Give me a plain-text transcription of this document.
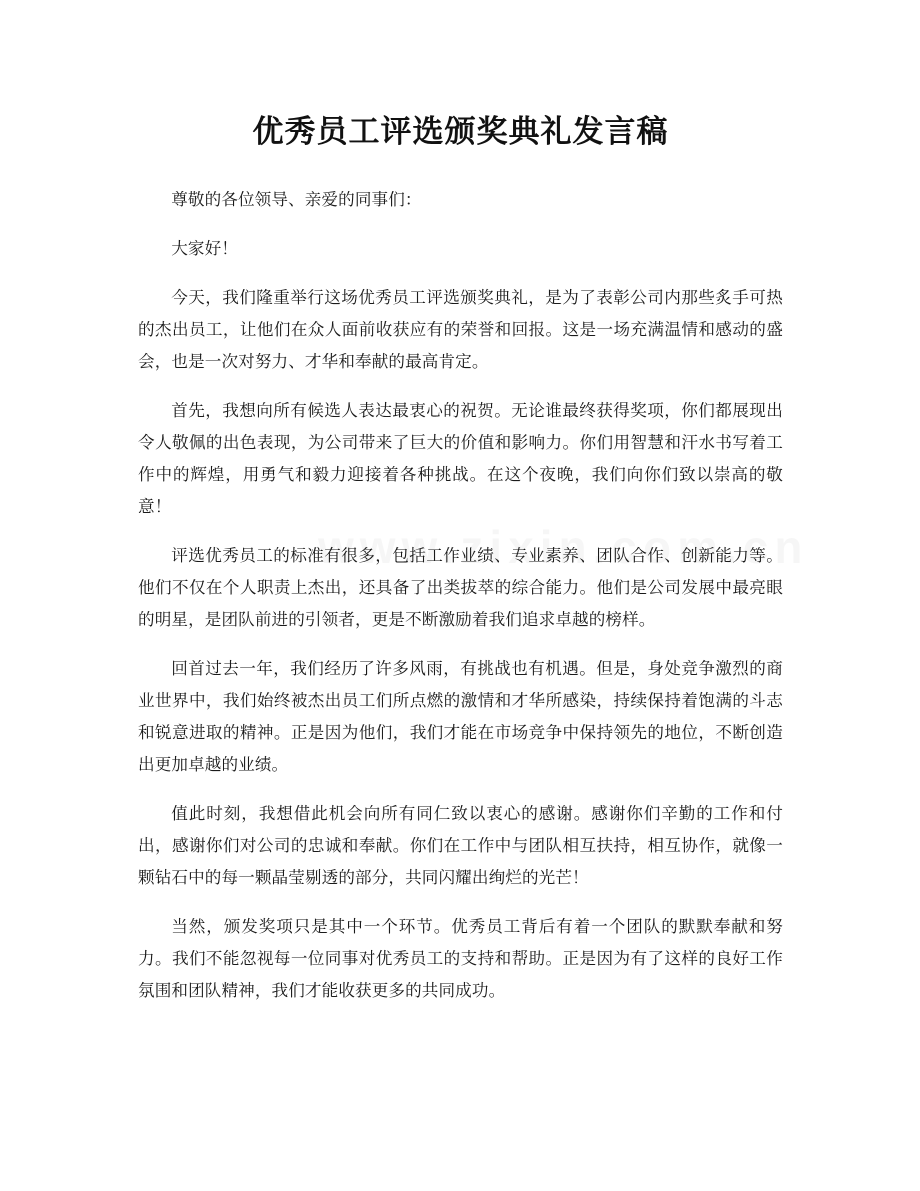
优秀员工评选颁奖典礼发言稿

尊敬的各位领导、亲爱的同事们：

大家好！

今天，我们隆重举行这场优秀员工评选颁奖典礼，是为了表彰公司内那些炙手可热的杰出员工，让他们在众人面前收获应有的荣誉和回报。这是一场充满温情和感动的盛会，也是一次对努力、才华和奉献的最高肯定。

首先，我想向所有候选人表达最衷心的祝贺。无论谁最终获得奖项，你们都展现出令人敬佩的出色表现，为公司带来了巨大的价值和影响力。你们用智慧和汗水书写着工作中的辉煌，用勇气和毅力迎接着各种挑战。在这个夜晚，我们向你们致以崇高的敬意！

评选优秀员工的标准有很多，包括工作业绩、专业素养、团队合作、创新能力等。他们不仅在个人职责上杰出，还具备了出类拔萃的综合能力。他们是公司发展中最亮眼的明星，是团队前进的引领者，更是不断激励着我们追求卓越的榜样。

回首过去一年，我们经历了许多风雨，有挑战也有机遇。但是，身处竞争激烈的商业世界中，我们始终被杰出员工们所点燃的激情和才华所感染，持续保持着饱满的斗志和锐意进取的精神。正是因为他们，我们才能在市场竞争中保持领先的地位，不断创造出更加卓越的业绩。

值此时刻，我想借此机会向所有同仁致以衷心的感谢。感谢你们辛勤的工作和付出，感谢你们对公司的忠诚和奉献。你们在工作中与团队相互扶持，相互协作，就像一颗钻石中的每一颗晶莹剔透的部分，共同闪耀出绚烂的光芒！

当然，颁发奖项只是其中一个环节。优秀员工背后有着一个团队的默默奉献和努力。我们不能忽视每一位同事对优秀员工的支持和帮助。正是因为有了这样的良好工作氛围和团队精神，我们才能收获更多的共同成功。
